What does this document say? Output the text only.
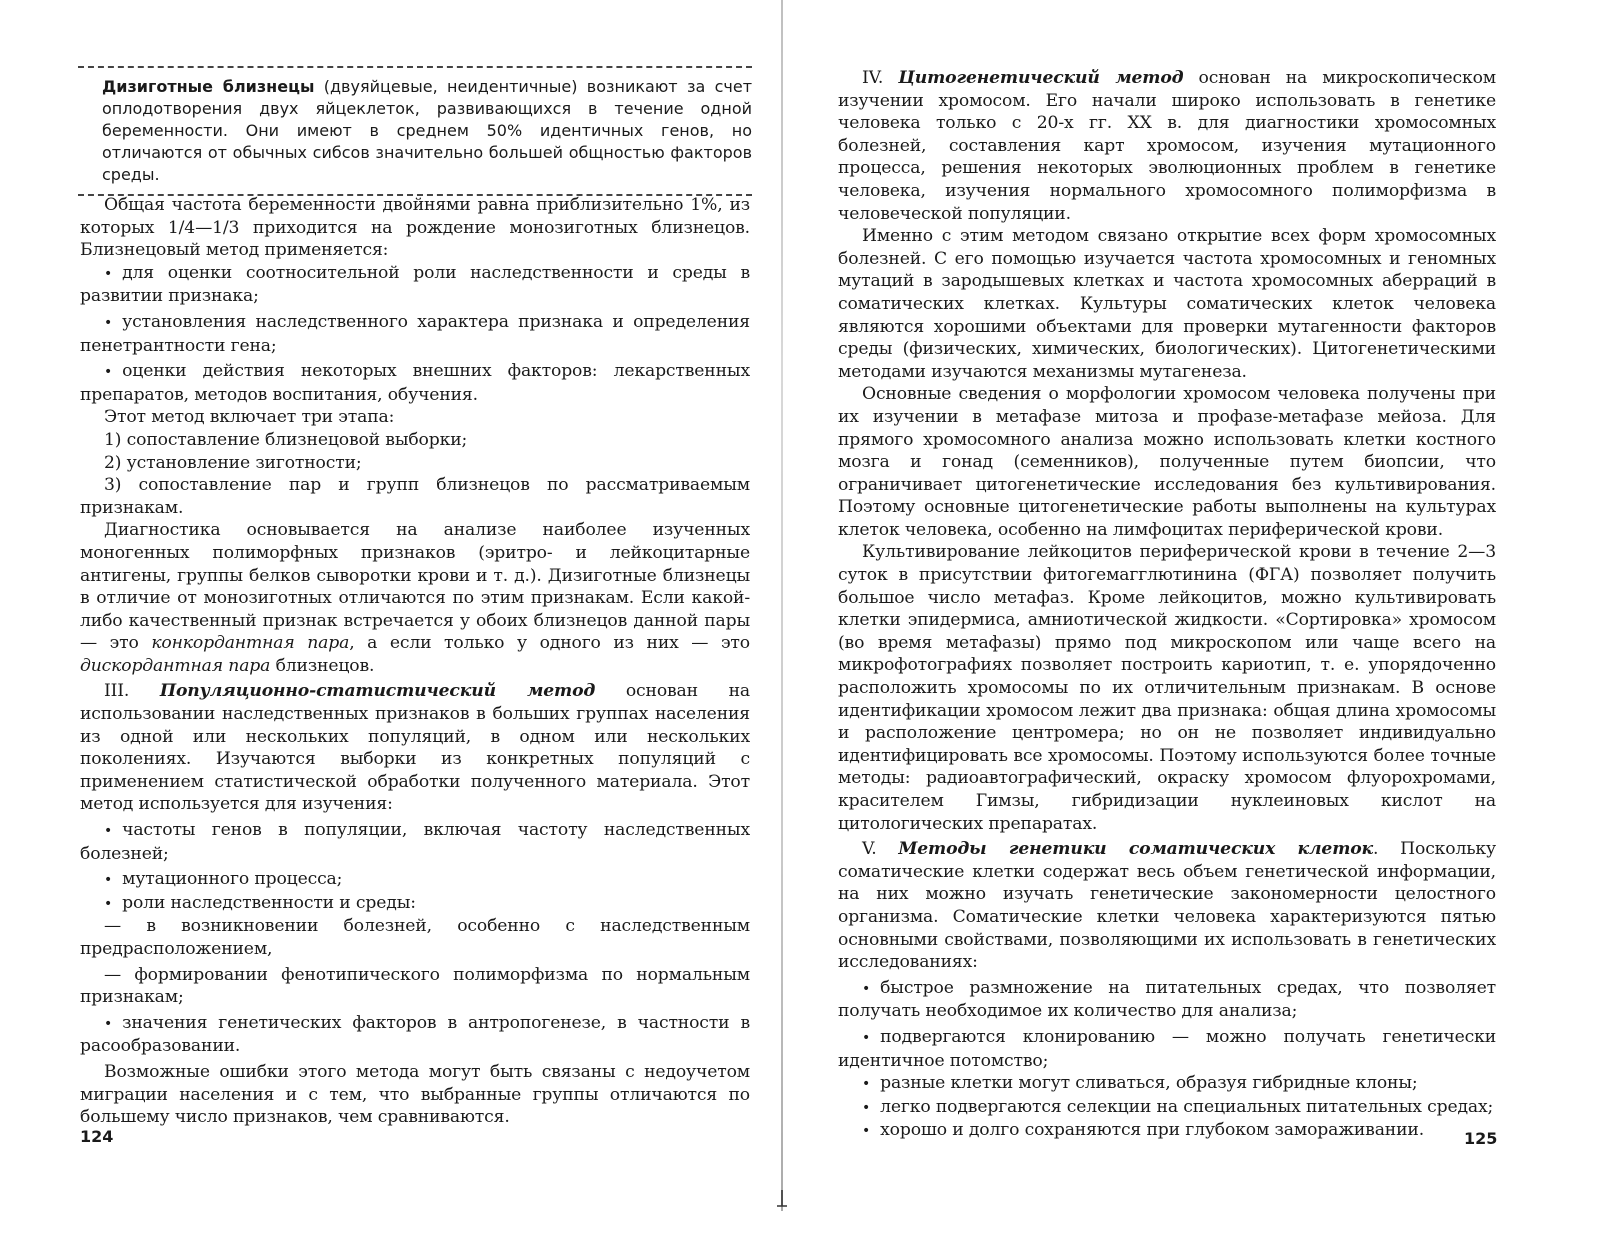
Дизиготные близнецы (двуяйцевые, неидентичные) возникают за счет оплодотворения двух яйцеклеток, развивающихся в течение одной беременности. Они имеют в среднем 50% идентичных генов, но отличаются от обычных сибсов значительно большей общностью факторов среды.

Общая частота беременности двойнями равна приблизительно 1%, из которых 1/4—1/3 приходится на рождение монозиготных близнецов. Близнецовый метод применяется:

• для оценки соотносительной роли наследственности и среды в развитии признака;

• установления наследственного характера признака и определения пенетрантности гена;

• оценки действия некоторых внешних факторов: лекарственных препаратов, методов воспитания, обучения.

Этот метод включает три этапа:

1) сопоставление близнецовой выборки;

2) установление зиготности;

3) сопоставление пар и групп близнецов по рассматриваемым признакам.

Диагностика основывается на анализе наиболее изученных моногенных полиморфных признаков (эритро- и лейкоцитарные антигены, группы белков сыворотки крови и т. д.). Дизиготные близнецы в отличие от монозиготных отличаются по этим признакам. Если какой-либо качественный признак встречается у обоих близнецов данной пары — это конкордантная пара, а если только у одного из них — это дискордантная пара близнецов.

III. Популяционно-статистический метод основан на использовании наследственных признаков в больших группах населения из одной или нескольких популяций, в одном или нескольких поколениях. Изучаются выборки из конкретных популяций с применением статистической обработки полученного материала. Этот метод используется для изучения:

• частоты генов в популяции, включая частоту наследственных болезней;

• мутационного процесса;

• роли наследственности и среды:

— в возникновении болезней, особенно с наследственным предрасположением,

— формировании фенотипического полиморфизма по нормальным признакам;

• значения генетических факторов в антропогенезе, в частности в расообразовании.

Возможные ошибки этого метода могут быть связаны с недоучетом миграции населения и с тем, что выбранные группы отличаются по большему число признаков, чем сравниваются.

124

IV. Цитогенетический метод основан на микроскопическом изучении хромосом. Его начали широко использовать в генетике человека только с 20-х гг. XX в. для диагностики хромосомных болезней, составления карт хромосом, изучения мутационного процесса, решения некоторых эволюционных проблем в генетике человека, изучения нормального хромосомного полиморфизма в человеческой популяции.

Именно с этим методом связано открытие всех форм хромосомных болезней. С его помощью изучается частота хромосомных и геномных мутаций в зародышевых клетках и частота хромосомных аберраций в соматических клетках. Культуры соматических клеток человека являются хорошими объектами для проверки мутагенности факторов среды (физических, химических, биологических). Цитогенетическими методами изучаются механизмы мутагенеза.

Основные сведения о морфологии хромосом человека получены при их изучении в метафазе митоза и профазе-метафазе мейоза. Для прямого хромосомного анализа можно использовать клетки костного мозга и гонад (семенников), полученные путем биопсии, что ограничивает цитогенетические исследования без культивирования. Поэтому основные цитогенетические работы выполнены на культурах клеток человека, особенно на лимфоцитах периферической крови.

Культивирование лейкоцитов периферической крови в течение 2—3 суток в присутствии фитогемагглютинина (ФГА) позволяет получить большое число метафаз. Кроме лейкоцитов, можно культивировать клетки эпидермиса, амниотической жидкости. «Сортировка» хромосом (во время метафазы) прямо под микроскопом или чаще всего на микрофотографиях позволяет построить кариотип, т. е. упорядоченно расположить хромосомы по их отличительным признакам. В основе идентификации хромосом лежит два признака: общая длина хромосомы и расположение центромера; но он не позволяет индивидуально идентифицировать все хромосомы. Поэтому используются более точные методы: радиоавтографический, окраску хромосом флуорохромами, красителем Гимзы, гибридизации нуклеиновых кислот на цитологических препаратах.

V. Методы генетики соматических клеток. Поскольку соматические клетки содержат весь объем генетической информации, на них можно изучать генетические закономерности целостного организма. Соматические клетки человека характеризуются пятью основными свойствами, позволяющими их использовать в генетических исследованиях:

• быстрое размножение на питательных средах, что позволяет получать необходимое их количество для анализа;

• подвергаются клонированию — можно получать генетически идентичное потомство;

• разные клетки могут сливаться, образуя гибридные клоны;

• легко подвергаются селекции на специальных питательных средах;

• хорошо и долго сохраняются при глубоком замораживании.	125
